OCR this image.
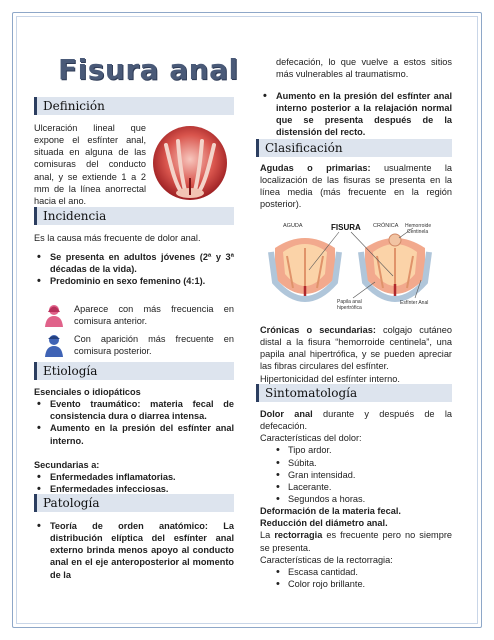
Fisura anal
Definición

Ulceración lineal que expone el esfínter anal, situada en alguna de las comisuras del conducto anal, y se extiende 1 a 2 mm de la línea anorrectal hacia el ano.

Incidencia

Es la causa más frecuente de dolor anal.

• Se presenta en adultos jóvenes (2ª y 3ª décadas de la vida).
• Predominio en sexo femenino (4:1).
Aparece con más frecuencia en comisura anterior.
Con aparición más frecuente en comisura posterior.
Etiología

Esenciales o idiopáticos

• Evento traumático: materia fecal de consistencia dura o diarrea intensa.
• Aumento en la presión del esfínter anal interno.

Secundarias a:

• Enfermedades inflamatorias.
• Enfermedades infecciosas.
Patología
• Teoría de orden anatómico: La distribución elíptica del esfínter anal externo brinda menos apoyo al conducto anal en el eje anteroposterior al momento de la
defecación, lo que vuelve a estos sitios más vulnerables al traumatismo.
• Aumento en la presión del esfínter anal interno posterior a la relajación normal que se presenta después de la distensión del recto.
Clasificación
Agudas o primarias: usualmente la localización de las fisuras se presenta en la línea media (más frecuente en la región posterior).
AGUDA	FISURA CRÓNICA Hemorroide
Centinela
Papila anal
hipertrófica
Esfínter Anal

Crónicas o secundarias: colgajo cutáneo distal a la fisura “hemorroide centinela”, una papila anal hipertrófica, y se pueden apreciar las fibras circulares del esfínter.

Hipertonicidad del esfínter interno.

Sintomatología

Dolor anal durante y después de la defecación.

Características del dolor:

• Tipo ardor.
• Súbita.
• Gran intensidad.
• Lacerante.
• Segundos a horas.

Deformación de la materia fecal.

Reducción del diámetro anal.

La rectorragia es frecuente pero no siempre se presenta.

Características de la rectorragia:

• Escasa cantidad.
• Color rojo brillante.
